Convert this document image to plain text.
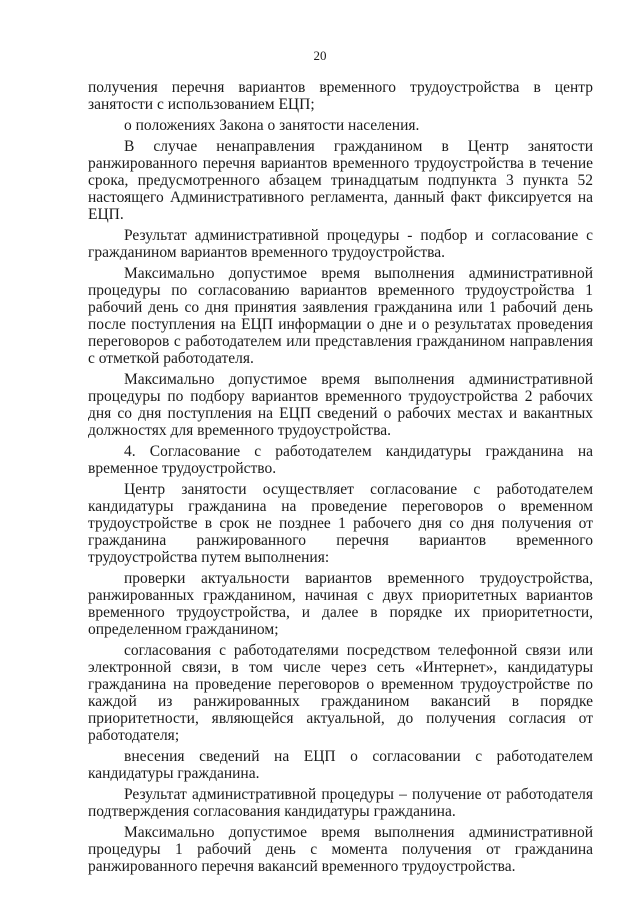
20

получения перечня вариантов временного трудоустройства в центр занятости с использованием ЕЦП;

о положениях Закона о занятости населения.

В случае ненаправления гражданином в Центр занятости ранжированного перечня вариантов временного трудоустройства в течение срока, предусмотренного абзацем тринадцатым подпункта 3 пункта 52 настоящего Административного регламента, данный факт фиксируется на ЕЦП.

Результат административной процедуры - подбор и согласование с гражданином вариантов временного трудоустройства.

Максимально допустимое время выполнения административной процедуры по согласованию вариантов временного трудоустройства 1 рабочий день со дня принятия заявления гражданина или 1 рабочий день после поступления на ЕЦП информации о дне и о результатах проведения переговоров с работодателем или представления гражданином направления с отметкой работодателя.

Максимально допустимое время выполнения административной процедуры по подбору вариантов временного трудоустройства 2 рабочих дня со дня поступления на ЕЦП сведений о рабочих местах и вакантных должностях для временного трудоустройства.

4. Согласование с работодателем кандидатуры гражданина на временное трудоустройство.

Центр занятости осуществляет согласование с работодателем кандидатуры гражданина на проведение переговоров о временном трудоустройстве в срок не позднее 1 рабочего дня со дня получения от гражданина ранжированного перечня вариантов временного трудоустройства путем выполнения:

проверки актуальности вариантов временного трудоустройства, ранжированных гражданином, начиная с двух приоритетных вариантов временного трудоустройства, и далее в порядке их приоритетности, определенном гражданином;

согласования с работодателями посредством телефонной связи или электронной связи, в том числе через сеть «Интернет», кандидатуры гражданина на проведение переговоров о временном трудоустройстве по каждой из ранжированных гражданином вакансий в порядке приоритетности, являющейся актуальной, до получения согласия от работодателя;

внесения сведений на ЕЦП о согласовании с работодателем кандидатуры гражданина.

Результат административной процедуры – получение от работодателя подтверждения согласования кандидатуры гражданина.

Максимально допустимое время выполнения административной процедуры 1 рабочий день с момента получения от гражданина ранжированного перечня вакансий временного трудоустройства.
